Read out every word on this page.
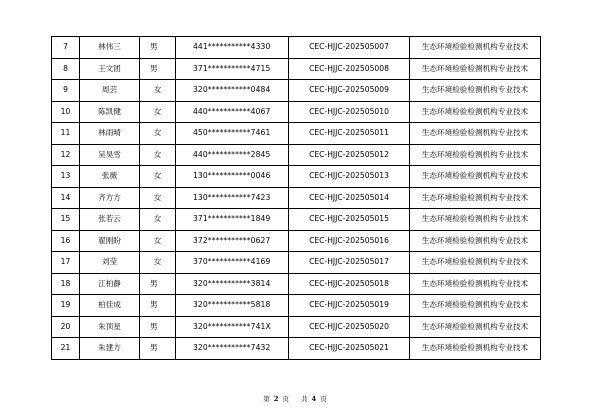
7	林伟三	男	441***********4330	CEC-HJJC-202505007	生态环境检验检测机构专业技术
8	王文团	男	371***********4715	CEC-HJJC-202505008	生态环境检验检测机构专业技术
9	周芸	女	320***********0484	CEC-HJJC-202505009	生态环境检验检测机构专业技术
10	陈凯健	女	440***********4067	CEC-HJJC-202505010	生态环境检验检测机构专业技术
11	林雨晴	女	450***********7461	CEC-HJJC-202505011	生态环境检验检测机构专业技术
12	吴昊雪	女	440***********2845	CEC-HJJC-202505012	生态环境检验检测机构专业技术
13	张薇	女	130***********0046	CEC-HJJC-202505013	生态环境检验检测机构专业技术
14	齐方方	女	130***********7423	CEC-HJJC-202505014	生态环境检验检测机构专业技术
15	张若云	女	371***********1849	CEC-HJJC-202505015	生态环境检验检测机构专业技术
16	翟刚盼	女	372***********0627	CEC-HJJC-202505016	生态环境检验检测机构专业技术
17	刘莹	女	370***********4169	CEC-HJJC-202505017	生态环境检验检测机构专业技术
18	江柏静	男	320***********3814	CEC-HJJC-202505018	生态环境检验检测机构专业技术
19	柏佳成	男	320***********5818	CEC-HJJC-202505019	生态环境检验检测机构专业技术
20	朱顶星	男	320***********741X	CEC-HJJC-202505020	生态环境检验检测机构专业技术
21	朱建方	男	320***********7432	CEC-HJJC-202505021	生态环境检验检测机构专业技术
第 2 页 共 4 页
